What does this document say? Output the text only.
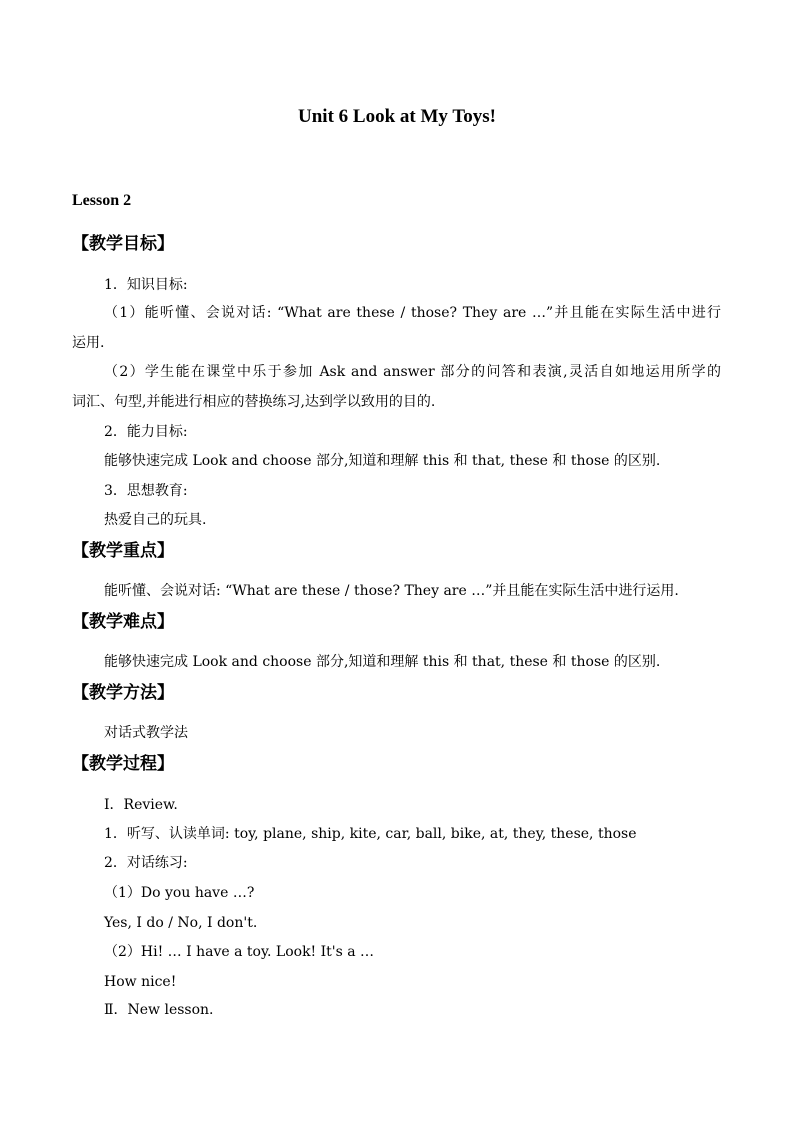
Unit 6 Look at My Toys!
Lesson 2
【教学目标】
1．知识目标:
（1）能听懂、会说对话: “What are these / those? They are …”并且能在实际生活中进行
运用.
（2）学生能在课堂中乐于参加 Ask and answer 部分的问答和表演,灵活自如地运用所学的
词汇、句型,并能进行相应的替换练习,达到学以致用的目的.
2．能力目标:
能够快速完成 Look and choose 部分,知道和理解 this 和 that, these 和 those 的区别.
3．思想教育:
热爱自己的玩具.
【教学重点】
能听懂、会说对话: “What are these / those? They are …”并且能在实际生活中进行运用.
【教学难点】
能够快速完成 Look and choose 部分,知道和理解 this 和 that, these 和 those 的区别.
【教学方法】
对话式教学法
【教学过程】
Ⅰ．Review.
1．听写、认读单词: toy, plane, ship, kite, car, ball, bike, at, they, these, those
2．对话练习:
（1）Do you have …?
Yes, I do / No, I don't.
（2）Hi! … I have a toy. Look! It's a …
How nice!
Ⅱ．New lesson.
